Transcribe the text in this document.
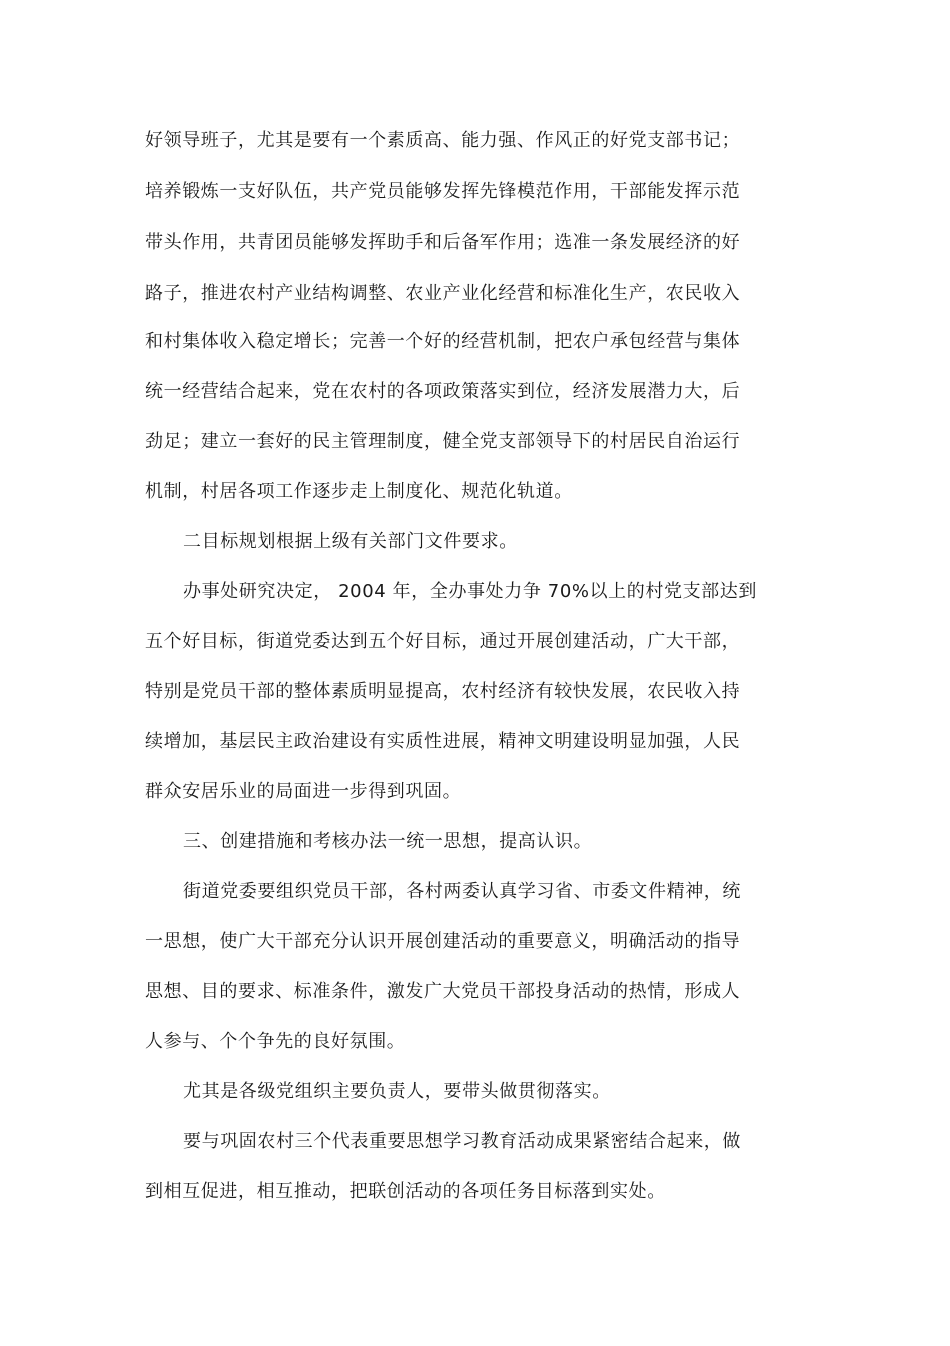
好领导班子，尤其是要有一个素质高、能力强、作风正的好党支部书记；
培养锻炼一支好队伍，共产党员能够发挥先锋模范作用，干部能发挥示范
带头作用，共青团员能够发挥助手和后备军作用；选准一条发展经济的好
路子，推进农村产业结构调整、农业产业化经营和标准化生产，农民收入
和村集体收入稳定增长；完善一个好的经营机制，把农户承包经营与集体
统一经营结合起来，党在农村的各项政策落实到位，经济发展潜力大，后
劲足；建立一套好的民主管理制度，健全党支部领导下的村居民自治运行
机制，村居各项工作逐步走上制度化、规范化轨道。
二目标规划根据上级有关部门文件要求。
办事处研究决定， 2004 年，全办事处力争 70%以上的村党支部达到
五个好目标，街道党委达到五个好目标，通过开展创建活动，广大干部，
特别是党员干部的整体素质明显提高，农村经济有较快发展，农民收入持
续增加，基层民主政治建设有实质性进展，精神文明建设明显加强，人民
群众安居乐业的局面进一步得到巩固。
三、创建措施和考核办法一统一思想，提高认识。
街道党委要组织党员干部，各村两委认真学习省、市委文件精神，统
一思想，使广大干部充分认识开展创建活动的重要意义，明确活动的指导
思想、目的要求、标准条件，激发广大党员干部投身活动的热情，形成人
人参与、个个争先的良好氛围。
尤其是各级党组织主要负责人，要带头做贯彻落实。
要与巩固农村三个代表重要思想学习教育活动成果紧密结合起来，做
到相互促进，相互推动，把联创活动的各项任务目标落到实处。
